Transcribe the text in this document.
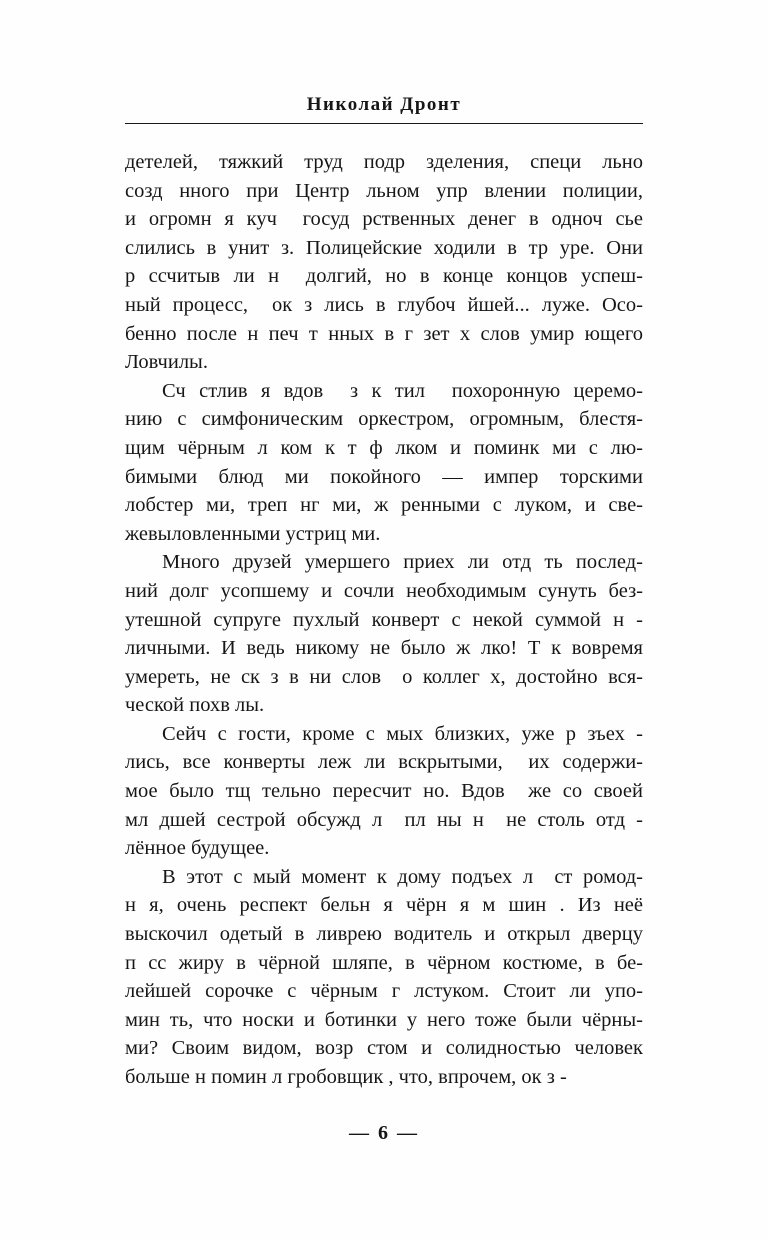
Николай Дронт
детелей, тяжкий труд подр зделения, специ льно
созд нного при Центр льном упр влении полиции,
и огромн я куч  госуд рственных денег в одноч сье
слились в унит з. Полицейские ходили в тр уре. Они
р ссчитыв ли н  долгий, но в конце концов успеш-
ный процесс,  ок з лись в глубоч йшей... луже. Осо-
бенно после н печ т нных в г зет х слов умир ющего
Ловчилы.
Сч стлив я вдов  з к тил  похоронную церемо-
нию с симфоническим оркестром, огромным, блестя-
щим чёрным л ком к т ф лком и поминк ми с лю-
бимыми блюд ми покойного — импер торскими
лобстер ми, треп нг ми, ж ренными с луком, и све-
жевыловленными устриц ми.
Много друзей умершего приех ли отд ть послед-
ний долг усопшему и сочли необходимым сунуть без-
утешной супруге пухлый конверт с некой суммой н -
личными. И ведь никому не было ж лко! Т к вовремя
умереть, не ск з в ни слов  о коллег х, достойно вся-
ческой похв лы.
Сейч с гости, кроме с мых близких, уже р зъех -
лись, все конверты леж ли вскрытыми,  их содержи-
мое было тщ тельно пересчит но. Вдов  же со своей
мл дшей сестрой обсужд л  пл ны н  не столь отд -
лённое будущее.
В этот с мый момент к дому подъех л  ст ромод-
н я, очень респект бельн я чёрн я м шин . Из неё
выскочил одетый в ливрею водитель и открыл дверцу
п сс жиру в чёрной шляпе, в чёрном костюме, в бе-
лейшей сорочке с чёрным г лстуком. Стоит ли упо-
мин ть, что носки и ботинки у него тоже были чёрны-
ми? Своим видом, возр стом и солидностью человек
больше н помин л гробовщик , что, впрочем, ок з -
— 6 —
